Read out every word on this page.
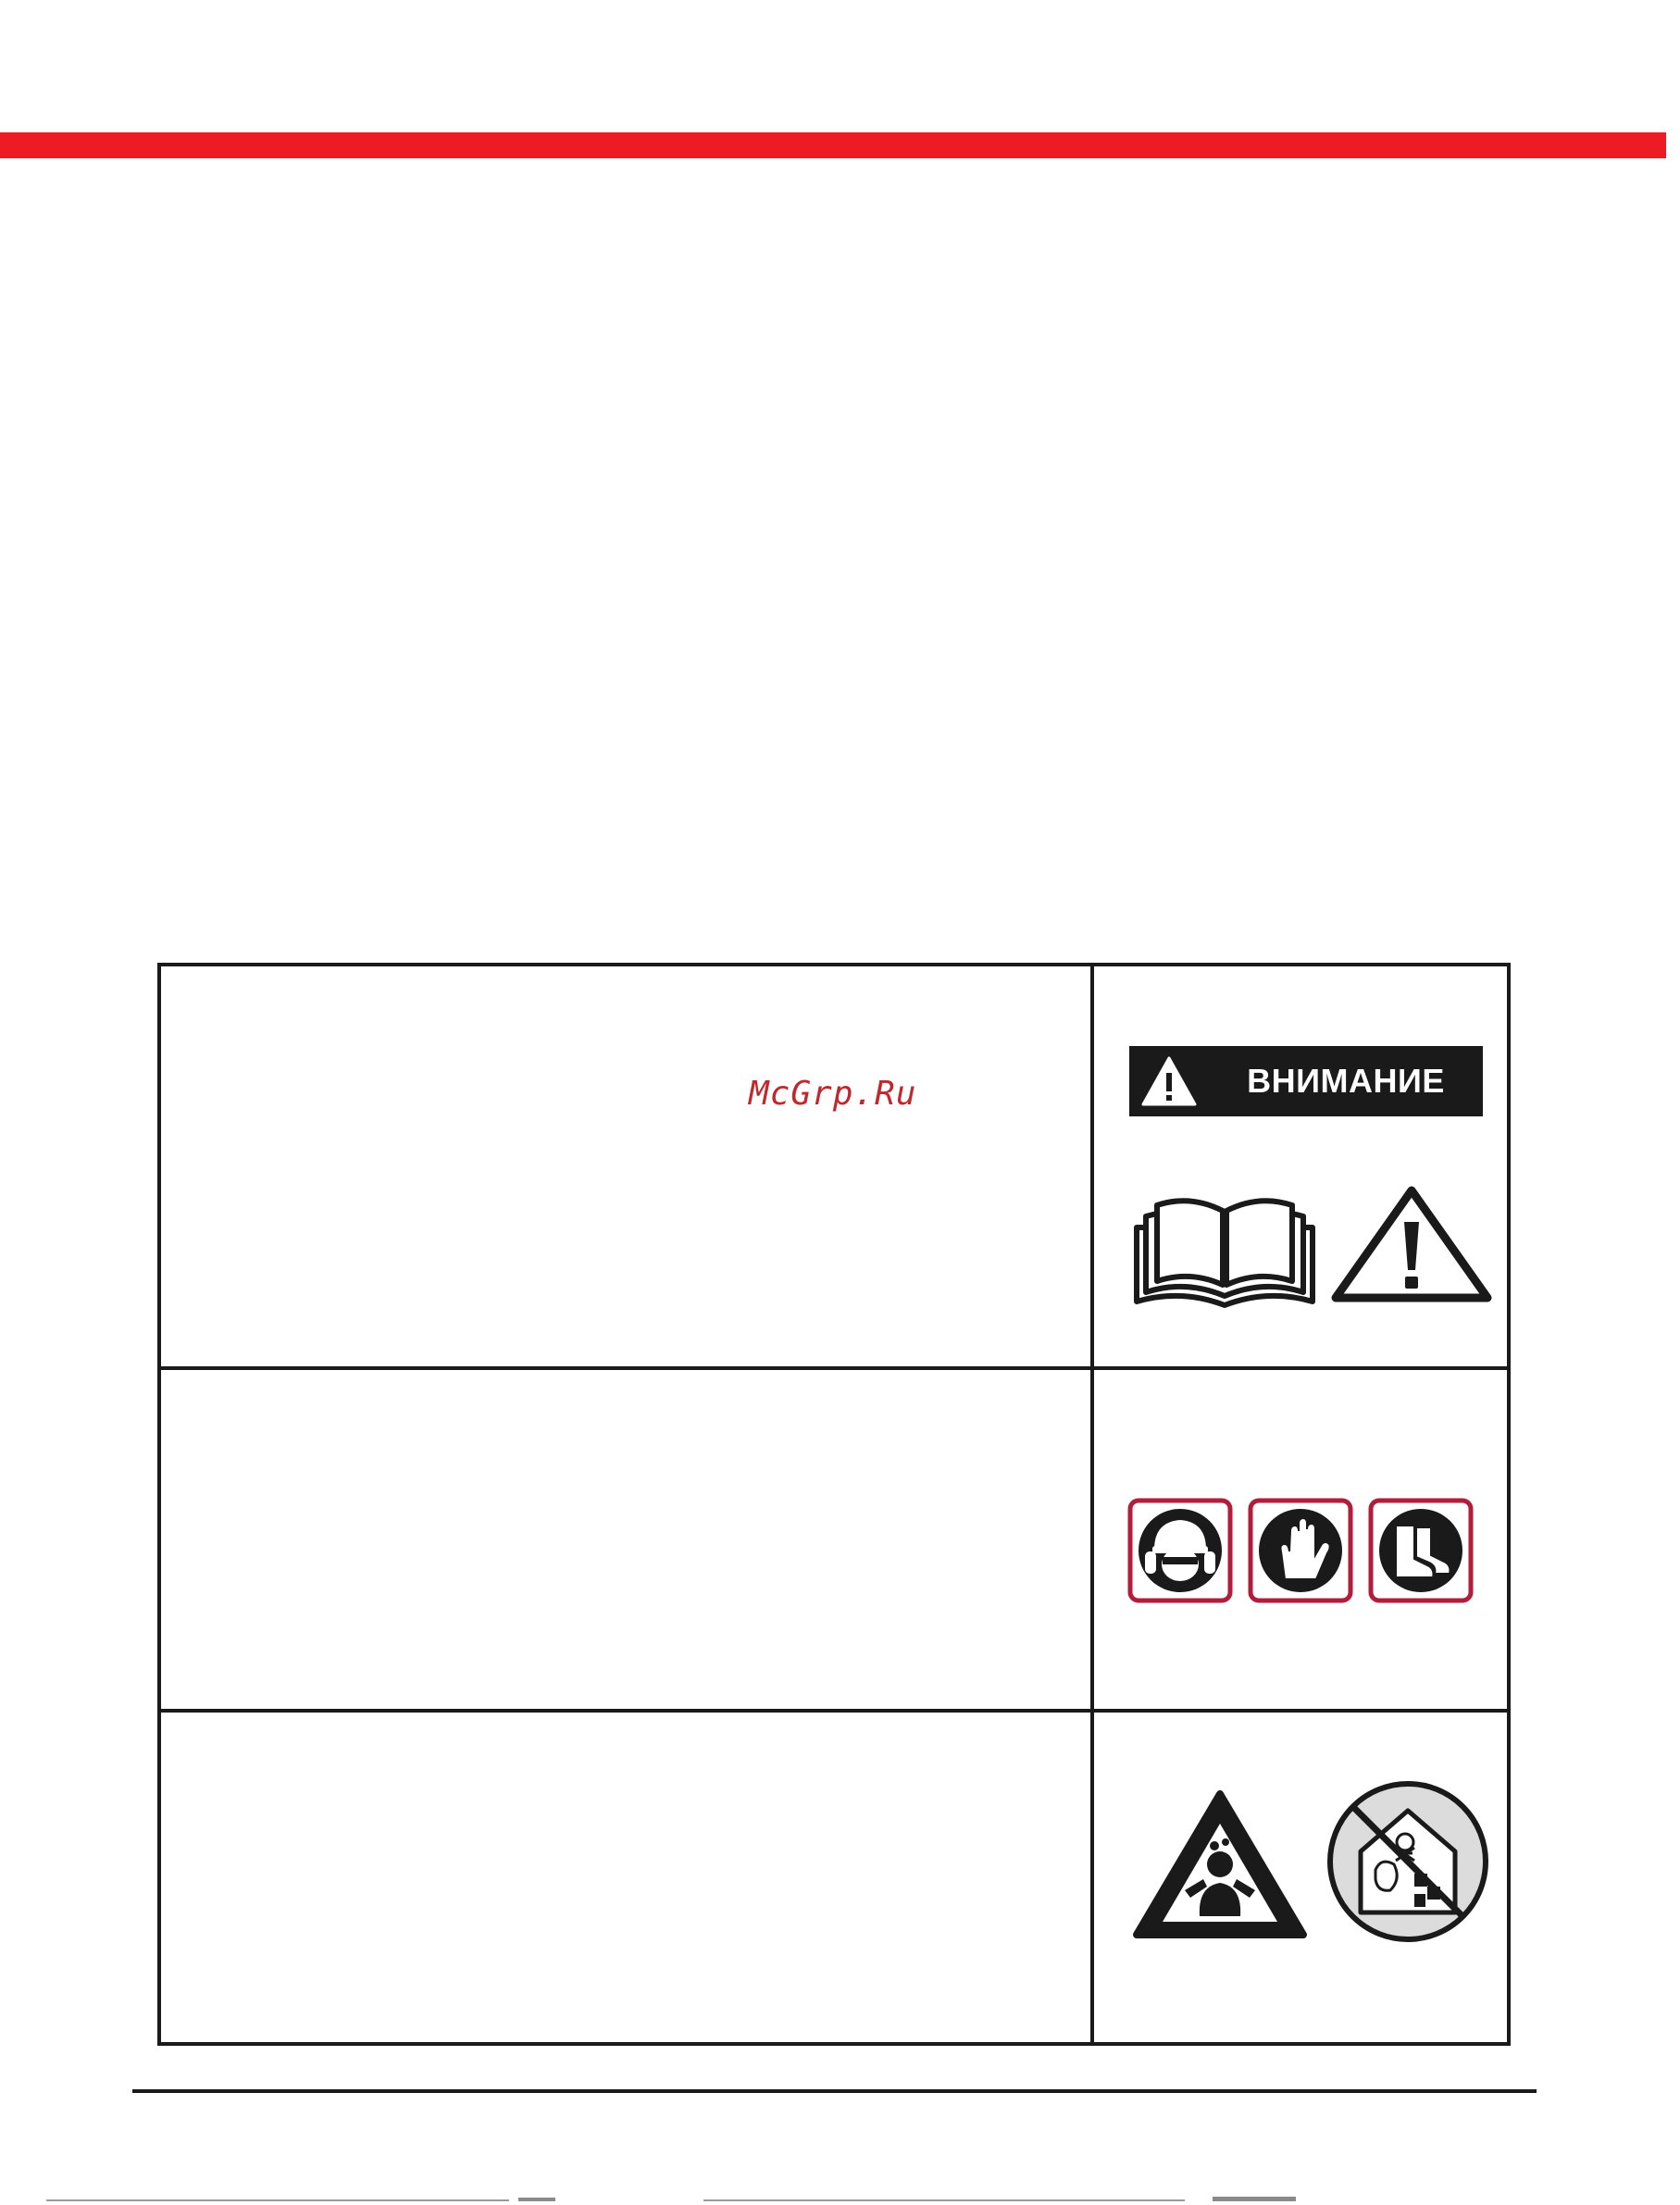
McGrp.Ru	ВНИМАНИЕ
